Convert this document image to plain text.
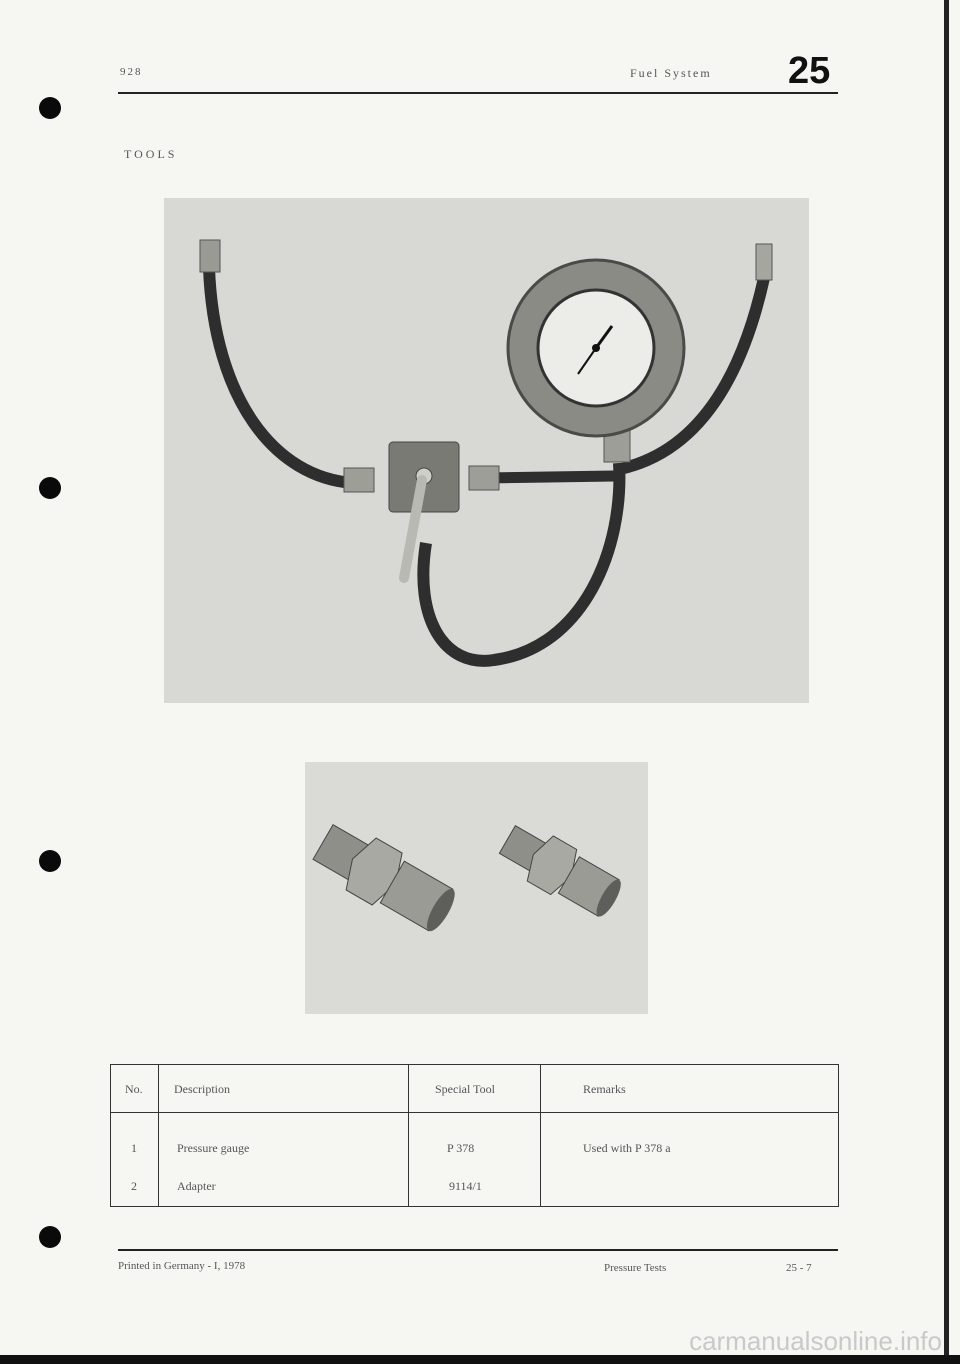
928	Fuel System 25
TOOLS
No.	Description	Special Tool	Remarks
1	Pressure gauge	P 378	Used with P 378 a
2	Adapter	9114/1
Printed in Germany - I, 1978	Pressure Tests	25 - 7
carmanualsonline.info
